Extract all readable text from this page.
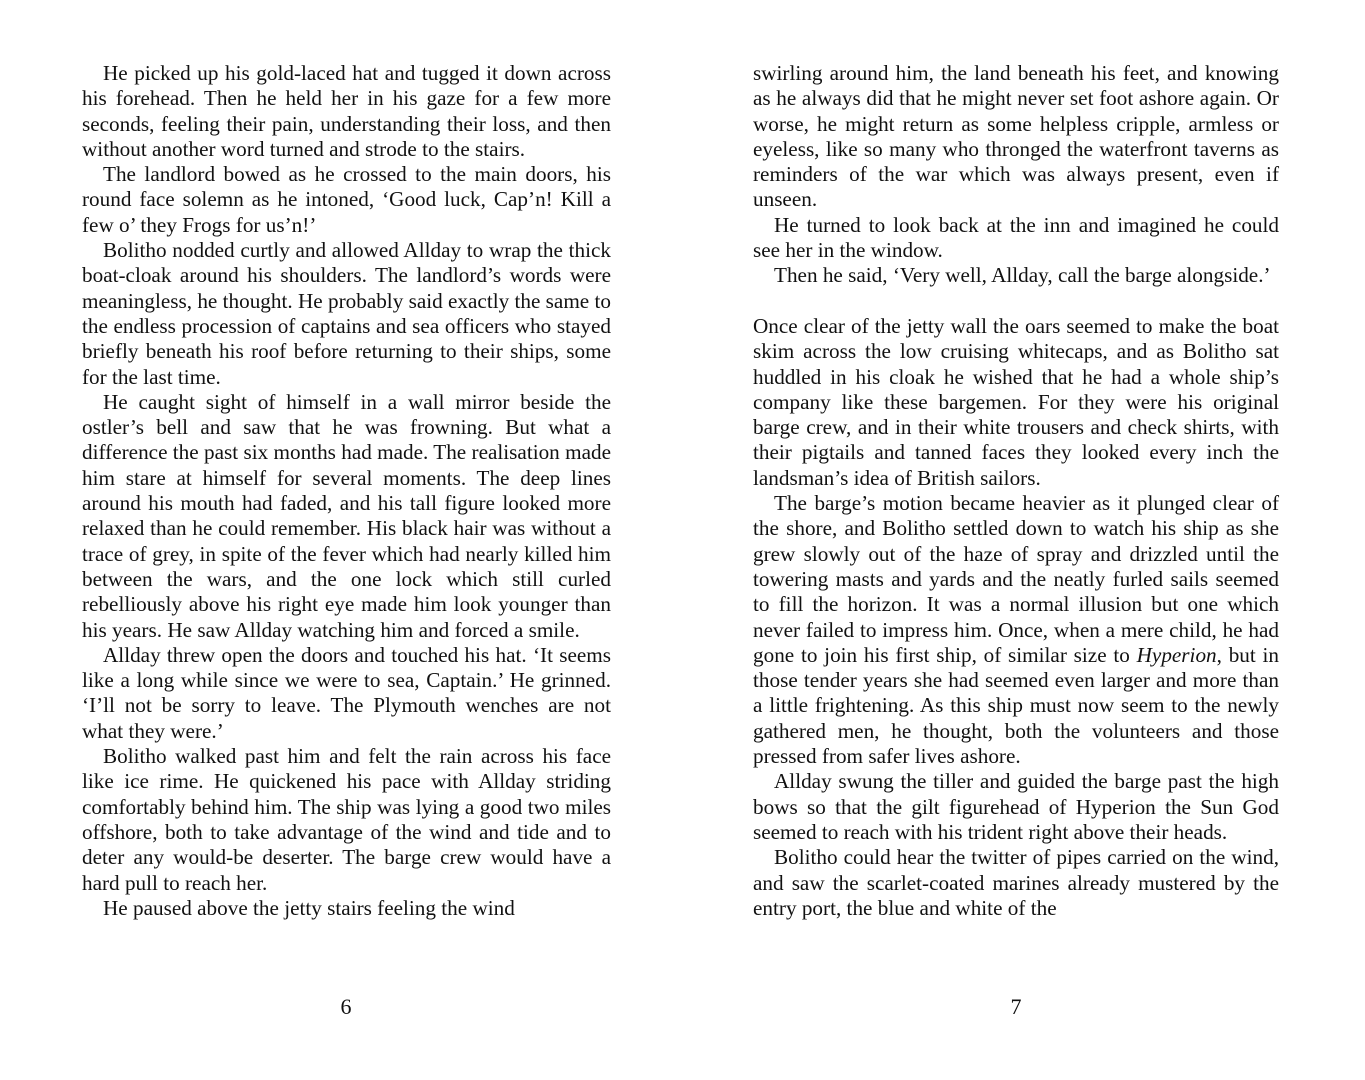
He picked up his gold-laced hat and tugged it down across his forehead. Then he held her in his gaze for a few more seconds, feeling their pain, understanding their loss, and then without another word turned and strode to the stairs.

The landlord bowed as he crossed to the main doors, his round face solemn as he intoned, ‘Good luck, Cap’n! Kill a few o’ they Frogs for us’n!’

Bolitho nodded curtly and allowed Allday to wrap the thick boat-cloak around his shoulders. The landlord’s words were meaningless, he thought. He probably said exactly the same to the endless procession of captains and sea officers who stayed briefly beneath his roof before returning to their ships, some for the last time.

He caught sight of himself in a wall mirror beside the ostler’s bell and saw that he was frowning. But what a difference the past six months had made. The realisation made him stare at himself for several moments. The deep lines around his mouth had faded, and his tall figure looked more relaxed than he could remember. His black hair was without a trace of grey, in spite of the fever which had nearly killed him between the wars, and the one lock which still curled rebelliously above his right eye made him look younger than his years. He saw Allday watching him and forced a smile.

Allday threw open the doors and touched his hat. ‘It seems like a long while since we were to sea, Captain.’ He grinned. ‘I’ll not be sorry to leave. The Plymouth wenches are not what they were.’

Bolitho walked past him and felt the rain across his face like ice rime. He quickened his pace with Allday striding comfortably behind him. The ship was lying a good two miles offshore, both to take advantage of the wind and tide and to deter any would-be deserter. The barge crew would have a hard pull to reach her.

He paused above the jetty stairs feeling the wind

6

swirling around him, the land beneath his feet, and knowing as he always did that he might never set foot ashore again. Or worse, he might return as some helpless cripple, armless or eyeless, like so many who thronged the waterfront taverns as reminders of the war which was always present, even if unseen.

He turned to look back at the inn and imagined he could see her in the window.

Then he said, ‘Very well, Allday, call the barge alongside.’

Once clear of the jetty wall the oars seemed to make the boat skim across the low cruising whitecaps, and as Bolitho sat huddled in his cloak he wished that he had a whole ship’s company like these bargemen. For they were his original barge crew, and in their white trousers and check shirts, with their pigtails and tanned faces they looked every inch the landsman’s idea of British sailors.

The barge’s motion became heavier as it plunged clear of the shore, and Bolitho settled down to watch his ship as she grew slowly out of the haze of spray and drizzled until the towering masts and yards and the neatly furled sails seemed to fill the horizon. It was a normal illusion but one which never failed to impress him. Once, when a mere child, he had gone to join his first ship, of similar size to Hyperion, but in those tender years she had seemed even larger and more than a little frightening. As this ship must now seem to the newly gathered men, he thought, both the volunteers and those pressed from safer lives ashore.

Allday swung the tiller and guided the barge past the high bows so that the gilt figurehead of Hyperion the Sun God seemed to reach with his trident right above their heads.

Bolitho could hear the twitter of pipes carried on the wind, and saw the scarlet-coated marines already mustered by the entry port, the blue and white of the

7
